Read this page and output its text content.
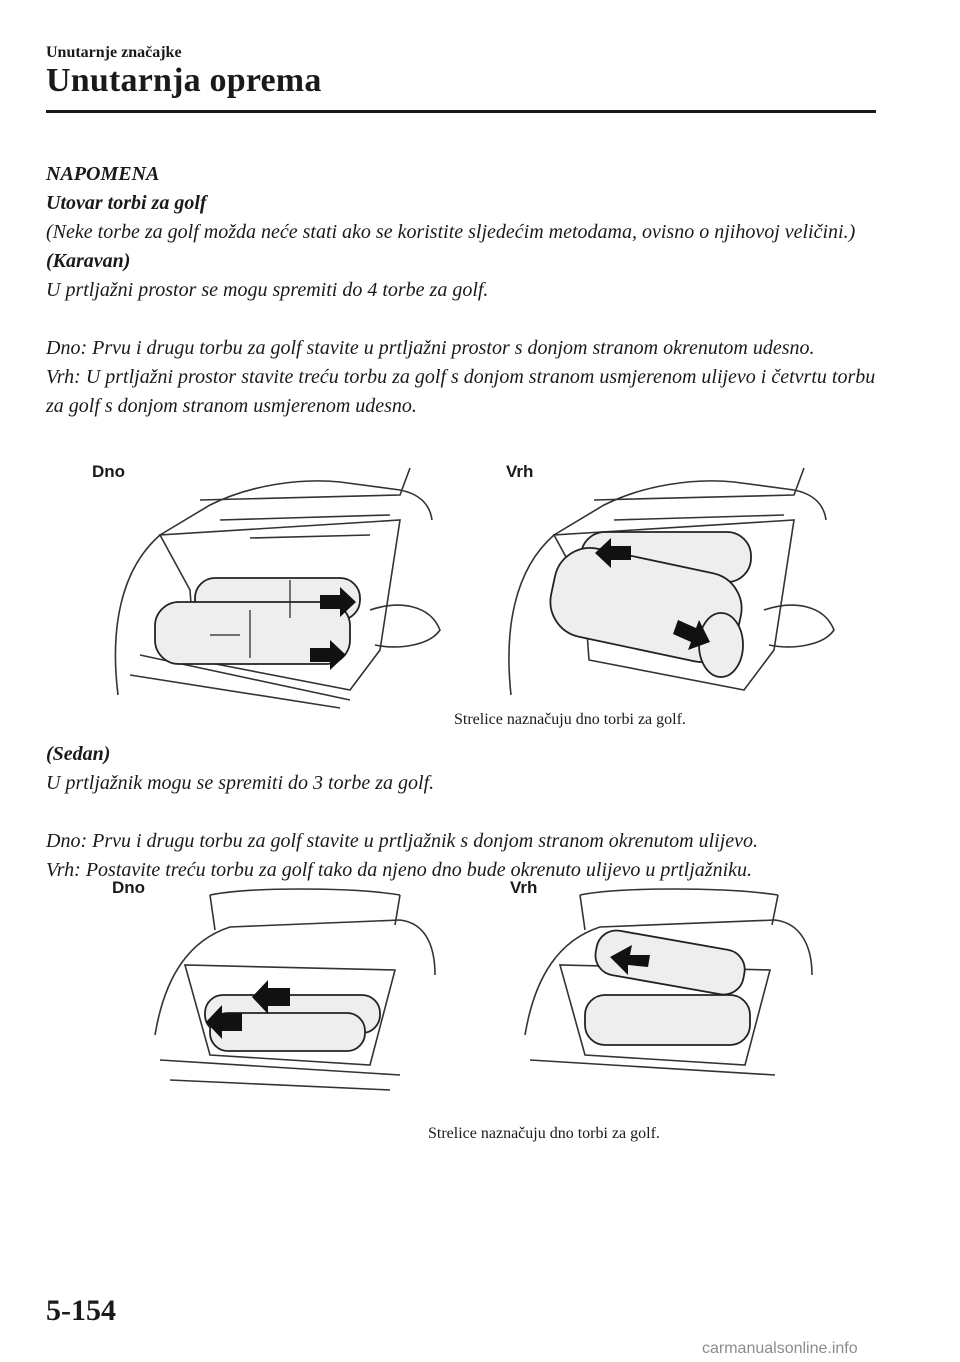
Unutarnje značajke
Unutarnja oprema

NAPOMENA

Utovar torbi za golf

(Neke torbe za golf možda neće stati ako se koristite sljedećim metodama, ovisno o njihovoj veličini.)

(Karavan)

U prtljažni prostor se mogu spremiti do 4 torbe za golf.

Dno: Prvu i drugu torbu za golf stavite u prtljažni prostor s donjom stranom okrenutom udesno.

Vrh: U prtljažni prostor stavite treću torbu za golf s donjom stranom usmjerenom ulijevo i četvrtu torbu za golf s donjom stranom usmjerenom udesno.

Dno	Vrh
Strelice naznačuju dno torbi za golf.

(Sedan)

U prtljažnik mogu se spremiti do 3 torbe za golf.

Dno: Prvu i drugu torbu za golf stavite u prtljažnik s donjom stranom okrenutom ulijevo.

Vrh: Postavite treću torbu za golf tako da njeno dno bude okrenuto ulijevo u prtljažniku.

Dno	Vrh
Strelice naznačuju dno torbi za golf.
5-154
carmanualsonline.info
